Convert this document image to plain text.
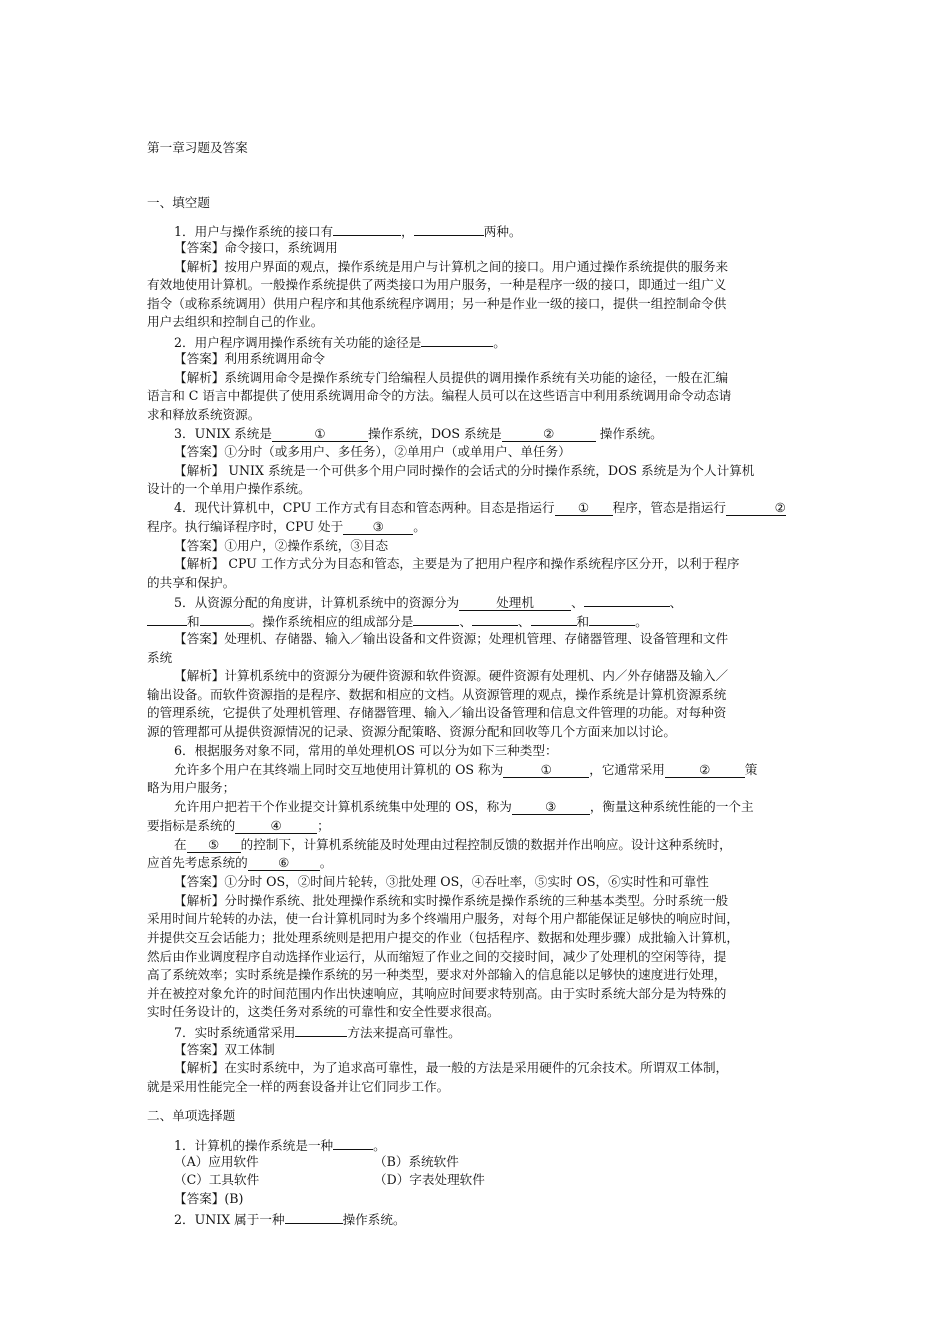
第一章习题及答案
一、填空题
1．用户与操作系统的接口有	，	两种。
【答案】命令接口，系统调用
【解析】按用户界面的观点，操作系统是用户与计算机之间的接口。用户通过操作系统提供的服务来
有效地使用计算机。一般操作系统提供了两类接口为用户服务，一种是程序一级的接口，即通过一组广义
指令（或称系统调用）供用户程序和其他系统程序调用；另一种是作业一级的接口，提供一组控制命令供
用户去组织和控制自己的作业。
2．用户程序调用操作系统有关功能的途径是	。
【答案】利用系统调用命令
【解析】系统调用命令是操作系统专门给编程人员提供的调用操作系统有关功能的途径，一般在汇编
语言和 C 语言中都提供了使用系统调用命令的方法。编程人员可以在这些语言中利用系统调用命令动态请
求和释放系统资源。
3．UNIX 系统是	①	操作系统，DOS 系统是	②	操作系统。
【答案】①分时（或多用户、多任务），②单用户（或单用户、单任务）
【解析】 UNIX 系统是一个可供多个用户同时操作的会话式的分时操作系统，DOS 系统是为个人计算机
设计的一个单用户操作系统。
4．现代计算机中，CPU 工作方式有目态和管态两种。目态是指运行 ① 程序，管态是指运行	②
程序。执行编译程序时，CPU 处于 ③ 。
【答案】①用户，②操作系统，③目态
【解析】 CPU 工作方式分为目态和管态，主要是为了把用户程序和操作系统程序区分开，以利于程序
的共享和保护。
5．从资源分配的角度讲，计算机系统中的资源分为	处理机	、	、
和	。操作系统相应的组成部分是	、	、	和	。
【答案】处理机、存储器、输入／输出设备和文件资源；处理机管理、存储器管理、设备管理和文件
系统
【解析】计算机系统中的资源分为硬件资源和软件资源。硬件资源有处理机、内／外存储器及输入／
输出设备。而软件资源指的是程序、数据和相应的文档。从资源管理的观点，操作系统是计算机资源系统
的管理系统，它提供了处理机管理、存储器管理、输入／输出设备管理和信息文件管理的功能。对每种资
源的管理都可从提供资源情况的记录、资源分配策略、资源分配和回收等几个方面来加以讨论。
6．根据服务对象不同，常用的单处理机OS 可以分为如下三种类型：
允许多个用户在其终端上同时交互地使用计算机的 OS 称为	①	，它通常采用	②	策
略为用户服务；
允许用户把若干个作业提交计算机系统集中处理的 OS，称为	③	，衡量这种系统性能的一个主
要指标是系统的	④	；
在 ⑤ 的控制下，计算机系统能及时处理由过程控制反馈的数据并作出响应。设计这种系统时，
应首先考虑系统的 ⑥ 。
【答案】①分时 OS，②时间片轮转，③批处理 OS，④吞吐率，⑤实时 OS，⑥实时性和可靠性
【解析】分时操作系统、批处理操作系统和实时操作系统是操作系统的三种基本类型。分时系统一般
采用时间片轮转的办法，使一台计算机同时为多个终端用户服务，对每个用户都能保证足够快的响应时间，
并提供交互会话能力；批处理系统则是把用户提交的作业（包括程序、数据和处理步骤）成批输入计算机，
然后由作业调度程序自动选择作业运行，从而缩短了作业之间的交接时间，减少了处理机的空闲等待，提
高了系统效率；实时系统是操作系统的另一种类型，要求对外部输入的信息能以足够快的速度进行处理，
并在被控对象允许的时间范围内作出快速响应，其响应时间要求特别高。由于实时系统大部分是为特殊的
实时任务设计的，这类任务对系统的可靠性和安全性要求很高。
7．实时系统通常采用	方法来提高可靠性。
【答案】双工体制
【解析】在实时系统中，为了追求高可靠性，最一般的方法是采用硬件的冗余技术。所谓双工体制，
就是采用性能完全一样的两套设备并让它们同步工作。
二、单项选择题
1．计算机的操作系统是一种	。
（A）应用软件	（B）系统软件
（C）工具软件	（D）字表处理软件
【答案】(B)
2．UNIX 属于一种	操作系统。
